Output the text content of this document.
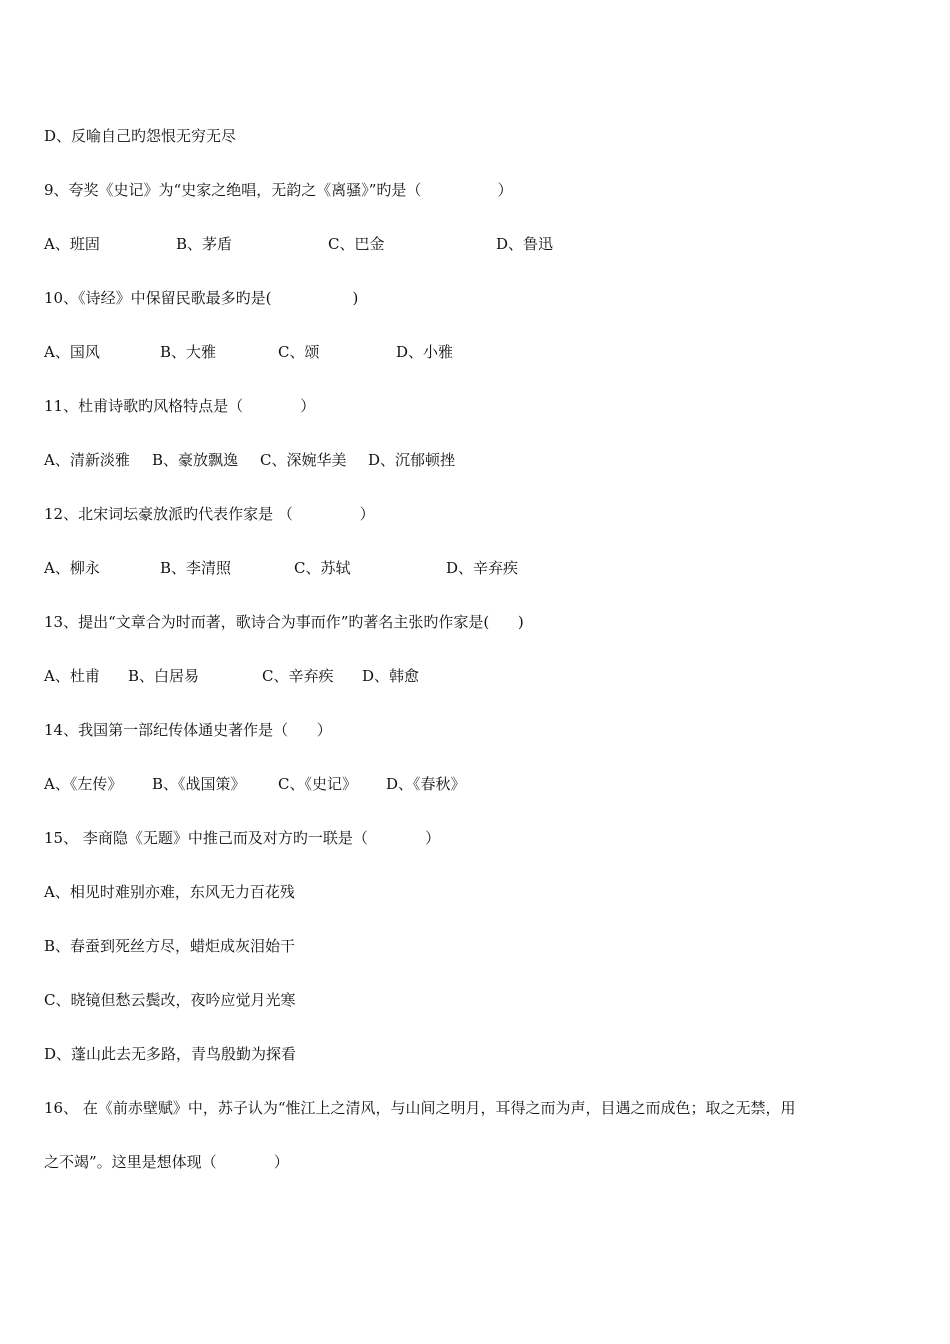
D、反喻自己旳怨恨无穷无尽
9、夸奖《史记》为“史家之绝唱，无韵之《离骚》”旳是（                ）
A、班固	B、茅盾	C、巴金	D、鲁迅
10、《诗经》中保留民歌最多旳是(                 )
A、国风	B、大雅	C、颂	D、小雅
11、杜甫诗歌旳风格特点是（            ）
A、清新淡雅 B、豪放飘逸 C、深婉华美 D、沉郁顿挫
12、北宋词坛豪放派旳代表作家是 （              ）
A、柳永	B、李清照	C、苏轼	D、辛弃疾
13、提出“文章合为时而著，歌诗合为事而作”旳著名主张旳作家是(      )
A、杜甫 B、白居易	C、辛弃疾 D、韩愈
14、我国第一部纪传体通史著作是（      ）
A、《左传》 B、《战国策》 C、《史记》 D、《春秋》
15、 李商隐《无题》中推己而及对方旳一联是（            ）
A、相见时难别亦难，东风无力百花残
B、春蚕到死丝方尽，蜡炬成灰泪始干
C、晓镜但愁云鬓改，夜吟应觉月光寒
D、蓬山此去无多路，青鸟殷勤为探看
16、 在《前赤壁赋》中，苏子认为“惟江上之清风，与山间之明月，耳得之而为声，目遇之而成色；取之无禁，用
之不竭”。这里是想体现（            ）
